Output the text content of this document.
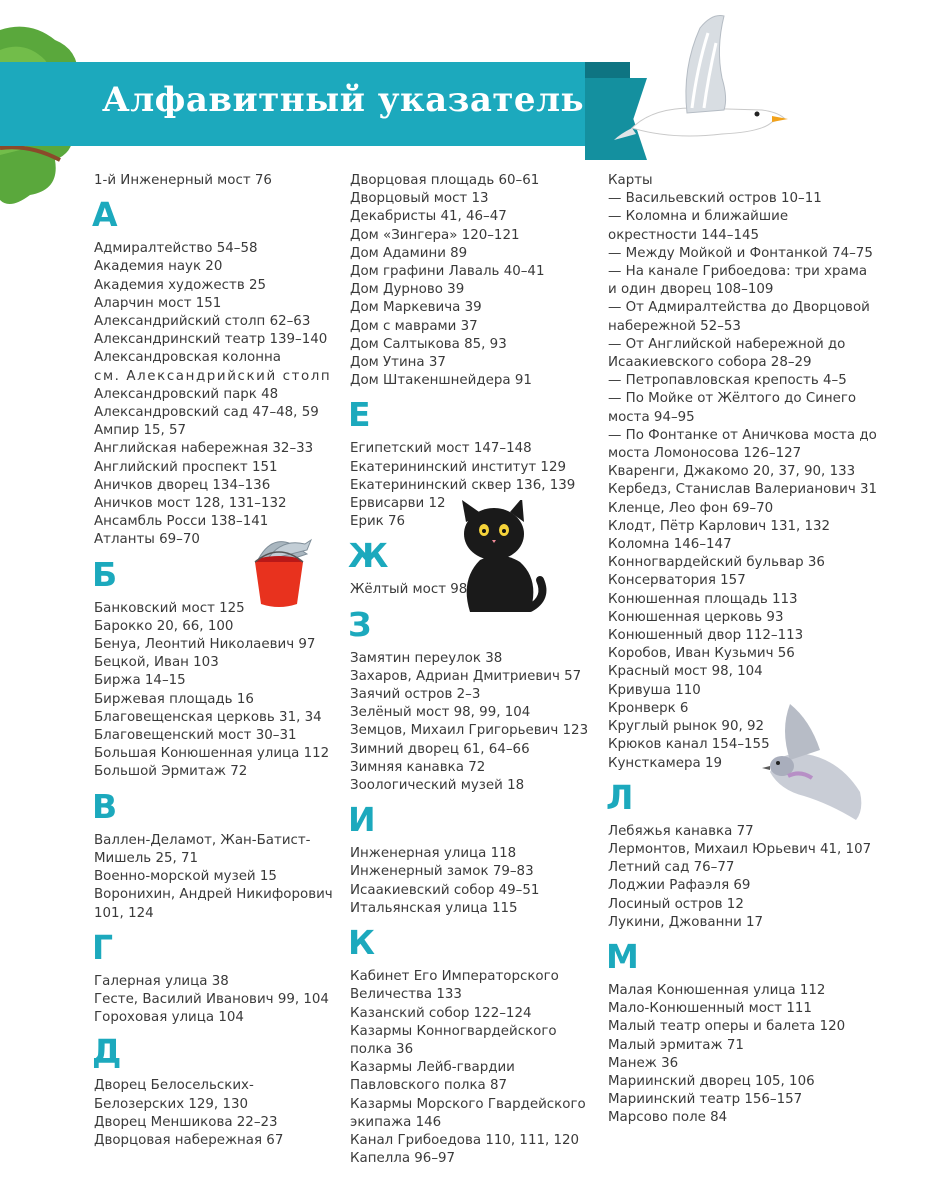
Алфавитный указатель
1-й Инженерный мост 76
А
Адмиралтейство 54–58
Академия наук 20
Академия художеств 25
Аларчин мост 151
Александрийский столп 62–63
Александринский театр 139–140
Александровская колонна
см. Александрийский столп
Александровский парк 48
Александровский сад 47–48, 59
Ампир 15, 57
Английская набережная 32–33
Английский проспект 151
Аничков дворец 134–136
Аничков мост 128, 131–132
Ансамбль Росси 138–141
Атланты 69–70
Б
Банковский мост 125
Барокко 20, 66, 100
Бенуа, Леонтий Николаевич 97
Бецкой, Иван 103
Биржа 14–15
Биржевая площадь 16
Благовещенская церковь 31, 34
Благовещенский мост 30–31
Большая Конюшенная улица 112
Большой Эрмитаж 72
В
Валлен-Деламот, Жан-Батист-Мишель 25, 71
Военно-морской музей 15
Воронихин, Андрей Никифорович 101, 124
Г
Галерная улица 38
Гесте, Василий Иванович 99, 104
Гороховая улица 104
Д
Дворец Белосельских-Белозерских 129, 130
Дворец Меншикова 22–23
Дворцовая набережная 67
Дворцовая площадь 60–61
Дворцовый мост 13
Декабристы 41, 46–47
Дом «Зингера» 120–121
Дом Адамини 89
Дом графини Лаваль 40–41
Дом Дурново 39
Дом Маркевича 39
Дом с маврами 37
Дом Салтыкова 85, 93
Дом Утина 37
Дом Штакеншнейдера 91
Е
Египетский мост 147–148
Екатерининский институт 129
Екатерининский сквер 136, 139
Ервисарви 12
Ерик 76
Ж
Жёлтый мост 98
З
Замятин переулок 38
Захаров, Адриан Дмитриевич 57
Заячий остров 2–3
Зелёный мост 98, 99, 104
Земцов, Михаил Григорьевич 123
Зимний дворец 61, 64–66
Зимняя канавка 72
Зоологический музей 18
И
Инженерная улица 118
Инженерный замок 79–83
Исаакиевский собор 49–51
Итальянская улица 115
К
Кабинет Его Императорского Величества 133
Казанский собор 122–124
Казармы Конногвардейского полка 36
Казармы Лейб-гвардии Павловского полка 87
Казармы Морского Гвардейского экипажа 146
Канал Грибоедова 110, 111, 120
Капелла 96–97
Карты
— Васильевский остров 10–11
— Коломна и ближайшие окрестности 144–145
— Между Мойкой и Фонтанкой 74–75
— На канале Грибоедова: три храма и один дворец 108–109
— От Адмиралтейства до Дворцовой набережной 52–53
— От Английской набережной до Исаакиевского собора 28–29
— Петропавловская крепость 4–5
— По Мойке от Жёлтого до Синего моста 94–95
— По Фонтанке от Аничкова моста до моста Ломоносова 126–127
Кваренги, Джакомо 20, 37, 90, 133
Кербедз, Станислав Валерианович 31
Кленце, Лео фон 69–70
Клодт, Пётр Карлович 131, 132
Коломна 146–147
Конногвардейский бульвар 36
Консерватория 157
Конюшенная площадь 113
Конюшенная церковь 93
Конюшенный двор 112–113
Коробов, Иван Кузьмич 56
Красный мост 98, 104
Кривуша 110
Кронверк 6
Круглый рынок 90, 92
Крюков канал 154–155
Кунсткамера 19
Л
Лебяжья канавка 77
Лермонтов, Михаил Юрьевич 41, 107
Летний сад 76–77
Лоджии Рафаэля 69
Лосиный остров 12
Лукини, Джованни 17
М
Малая Конюшенная улица 112
Мало-Конюшенный мост 111
Малый театр оперы и балета 120
Малый эрмитаж 71
Манеж 36
Мариинский дворец 105, 106
Мариинский театр 156–157
Марсово поле 84
